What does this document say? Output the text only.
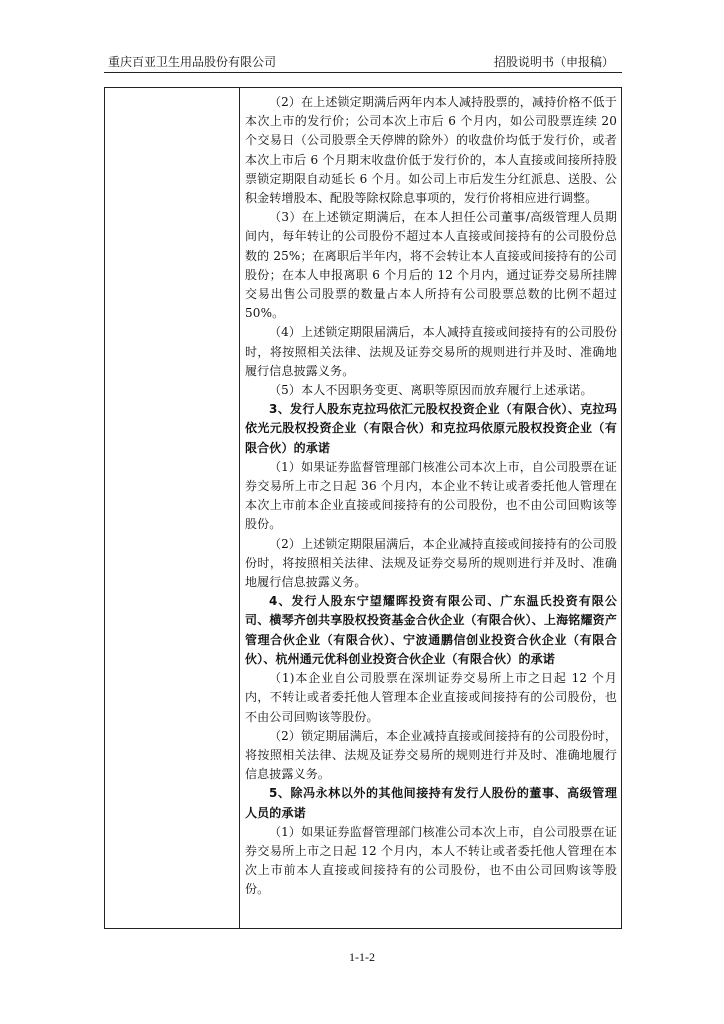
重庆百亚卫生用品股份有限公司	招股说明书（申报稿）

（2）在上述锁定期满后两年内本人减持股票的，减持价格不低于本次上市的发行价；公司本次上市后 6 个月内，如公司股票连续 20 个交易日（公司股票全天停牌的除外）的收盘价均低于发行价，或者本次上市后 6 个月期末收盘价低于发行价的，本人直接或间接所持股票锁定期限自动延长 6 个月。如公司上市后发生分红派息、送股、公积金转增股本、配股等除权除息事项的，发行价将相应进行调整。

（3）在上述锁定期满后，在本人担任公司董事/高级管理人员期间内，每年转让的公司股份不超过本人直接或间接持有的公司股份总数的 25%；在离职后半年内，将不会转让本人直接或间接持有的公司股份；在本人申报离职 6 个月后的 12 个月内，通过证券交易所挂牌交易出售公司股票的数量占本人所持有公司股票总数的比例不超过 50%。

（4）上述锁定期限届满后，本人减持直接或间接持有的公司股份时，将按照相关法律、法规及证券交易所的规则进行并及时、准确地履行信息披露义务。

（5）本人不因职务变更、离职等原因而放弃履行上述承诺。

3、发行人股东克拉玛依汇元股权投资企业（有限合伙）、克拉玛依光元股权投资企业（有限合伙）和克拉玛依原元股权投资企业（有限合伙）的承诺

（1）如果证券监督管理部门核准公司本次上市，自公司股票在证券交易所上市之日起 36 个月内，本企业不转让或者委托他人管理在本次上市前本企业直接或间接持有的公司股份，也不由公司回购该等股份。

（2）上述锁定期限届满后，本企业减持直接或间接持有的公司股份时，将按照相关法律、法规及证券交易所的规则进行并及时、准确地履行信息披露义务。

4、发行人股东宁望耀晖投资有限公司、广东温氏投资有限公司、横琴齐创共享股权投资基金合伙企业（有限合伙）、上海铭耀资产管理合伙企业（有限合伙）、宁波通鹏信创业投资合伙企业（有限合伙）、杭州通元优科创业投资合伙企业（有限合伙）的承诺

（1)本企业自公司股票在深圳证券交易所上市之日起 12 个月内，不转让或者委托他人管理本企业直接或间接持有的公司股份，也不由公司回购该等股份。

（2）锁定期届满后，本企业减持直接或间接持有的公司股份时，将按照相关法律、法规及证券交易所的规则进行并及时、准确地履行信息披露义务。

5、除冯永林以外的其他间接持有发行人股份的董事、高级管理人员的承诺

（1）如果证券监督管理部门核准公司本次上市，自公司股票在证券交易所上市之日起 12 个月内，本人不转让或者委托他人管理在本次上市前本人直接或间接持有的公司股份，也不由公司回购该等股份。

1-1-2
